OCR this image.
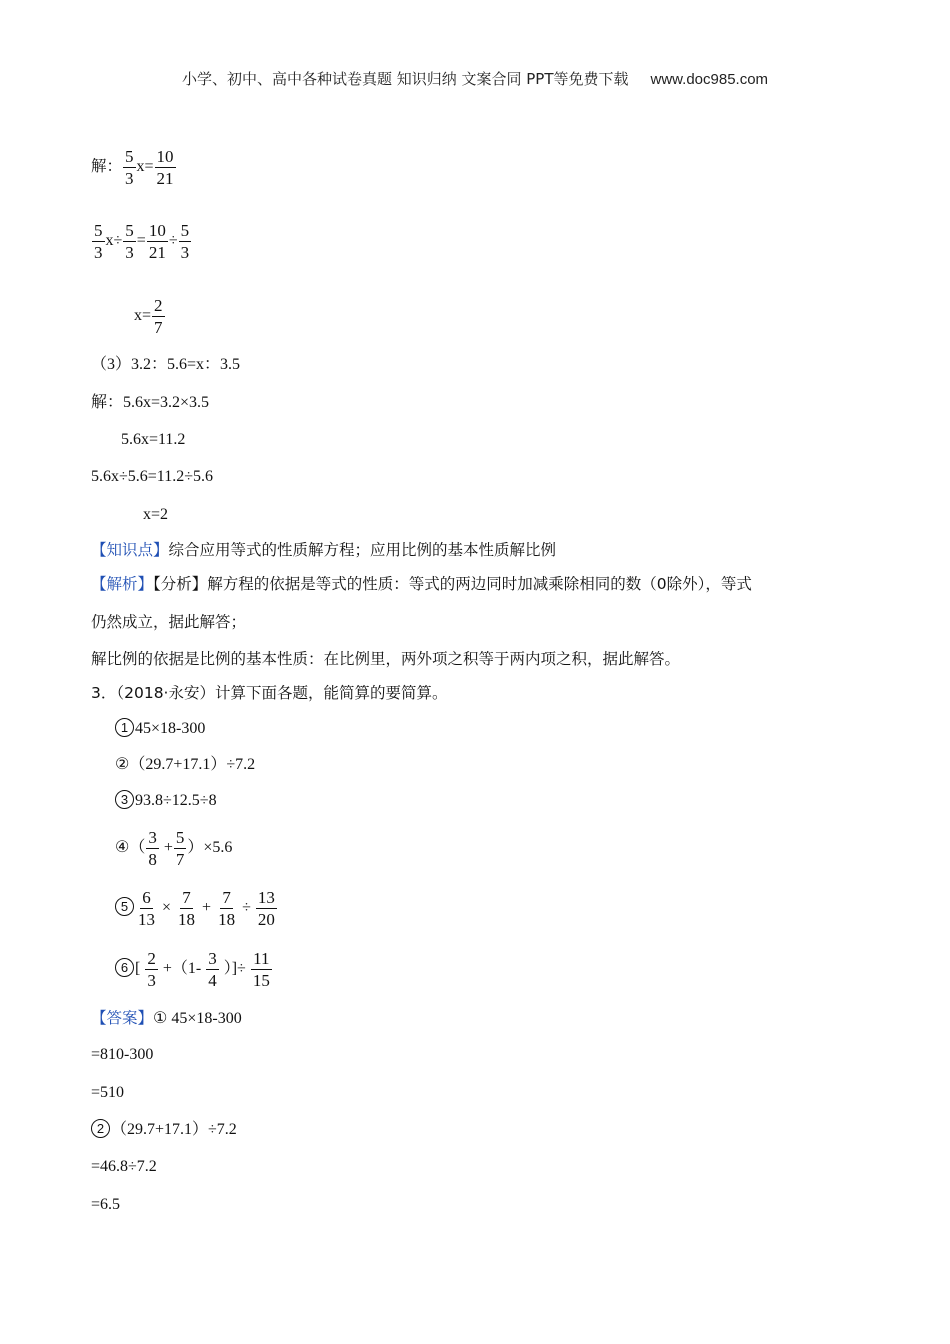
小学、初中、高中各种试卷真题 知识归纳 文案合同 PPT等免费下载 www.doc985.com
解： $\frac{5}{3} x= \frac{10}{21}$
$\frac{5}{3} x\div \frac{5}{3} = \frac{10}{21} \div \frac{5}{3}$
$x= \frac{2}{7}$
（3）3.2：5.6=x：3.5
解：5.6x=3.2×3.5
5.6x=11.2
5.6x÷5.6=11.2÷5.6
x=2
【知识点】综合应用等式的性质解方程；应用比例的基本性质解比例
【解析】【分析】解方程的依据是等式的性质：等式的两边同时加减乘除相同的数（0除外），等式
仍然成立，据此解答；
解比例的依据是比例的基本性质：在比例里，两外项之积等于两内项之积，据此解答。
3．（2018·永安）计算下面各题，能简算的要简算。
1 45×18-300
②（29.7+17.1）÷7.2
3 93.8÷12.5÷8
④（ $\frac{3}{8} + \frac{5}{7} )\times 5.6$
$5 \frac{6}{13} \times \frac{7}{18} + \frac{7}{18} \div \frac{13}{20}$
6 [ $\frac{2}{3} +(1- \frac{3}{4}$ ）]÷ $\frac{11}{15}$
【答案】① 45×18-300
=810-300
=510
2 （29.7+17.1）÷7.2
=46.8÷7.2
=6.5
